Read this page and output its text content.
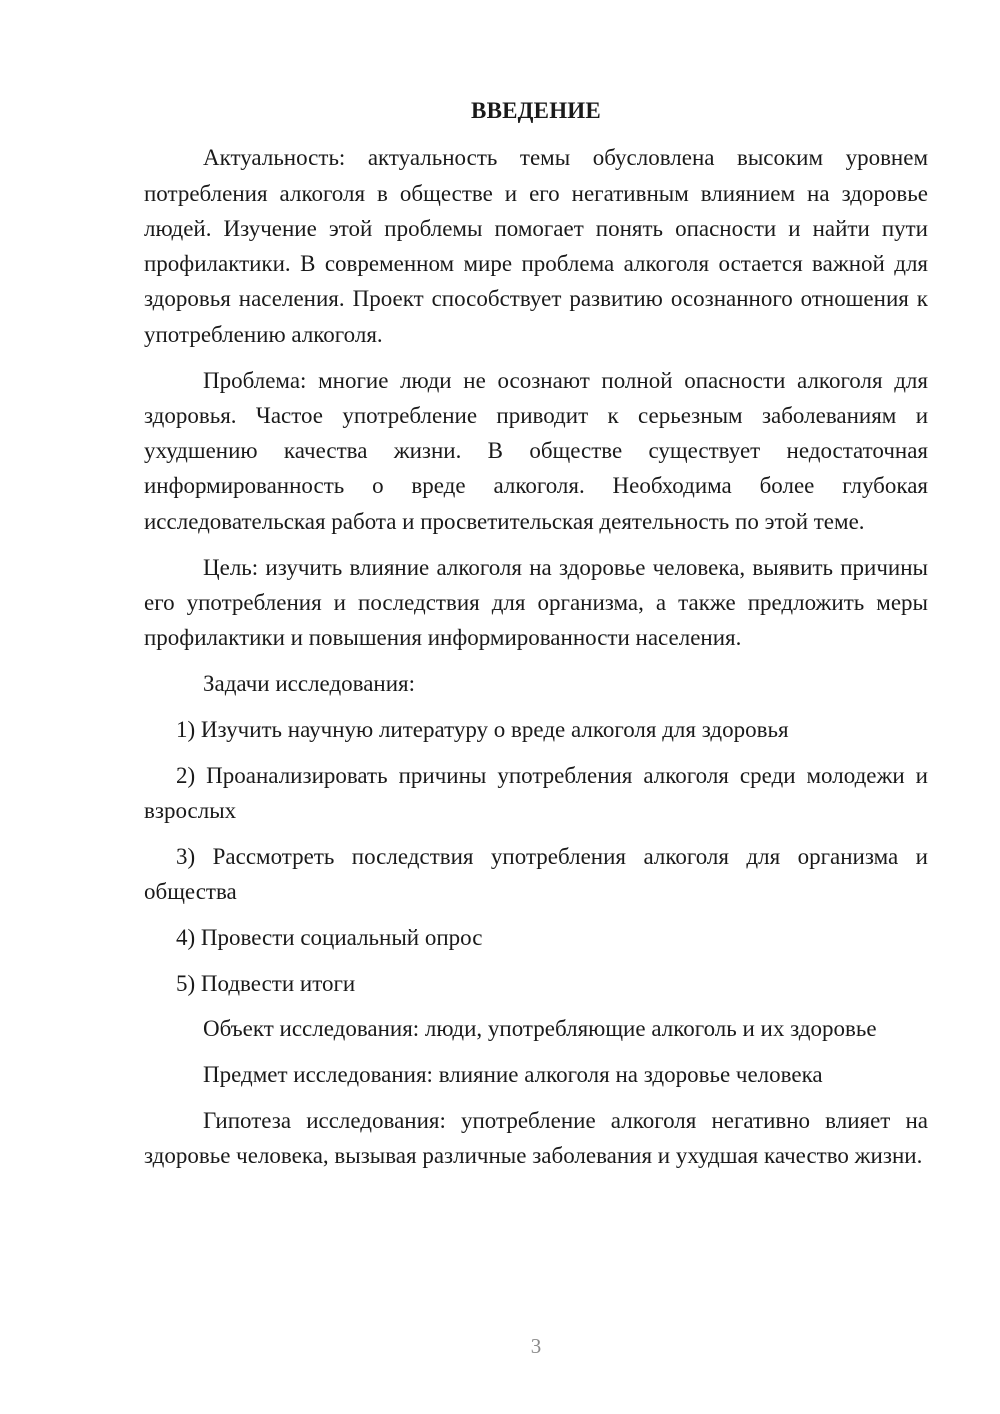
ВВЕДЕНИЕ

Актуальность: актуальность темы обусловлена высоким уровнем потребления алкоголя в обществе и его негативным влиянием на здоровье людей. Изучение этой проблемы помогает понять опасности и найти пути профилактики. В современном мире проблема алкоголя остается важной для здоровья населения. Проект способствует развитию осознанного отношения к употреблению алкоголя.

Проблема: многие люди не осознают полной опасности алкоголя для здоровья. Частое употребление приводит к серьезным заболеваниям и ухудшению качества жизни. В обществе существует недостаточная информированность о вреде алкоголя. Необходима более глубокая исследовательская работа и просветительская деятельность по этой теме.

Цель: изучить влияние алкоголя на здоровье человека, выявить причины его употребления и последствия для организма, а также предложить меры профилактики и повышения информированности населения.

Задачи исследования:

1) Изучить научную литературу о вреде алкоголя для здоровья

2) Проанализировать причины употребления алкоголя среди молодежи и взрослых

3) Рассмотреть последствия употребления алкоголя для организма и общества

4) Провести социальный опрос

5) Подвести итоги

Объект исследования: люди, употребляющие алкоголь и их здоровье

Предмет исследования: влияние алкоголя на здоровье человека

Гипотеза исследования: употребление алкоголя негативно влияет на здоровье человека, вызывая различные заболевания и ухудшая качество жизни.

3
